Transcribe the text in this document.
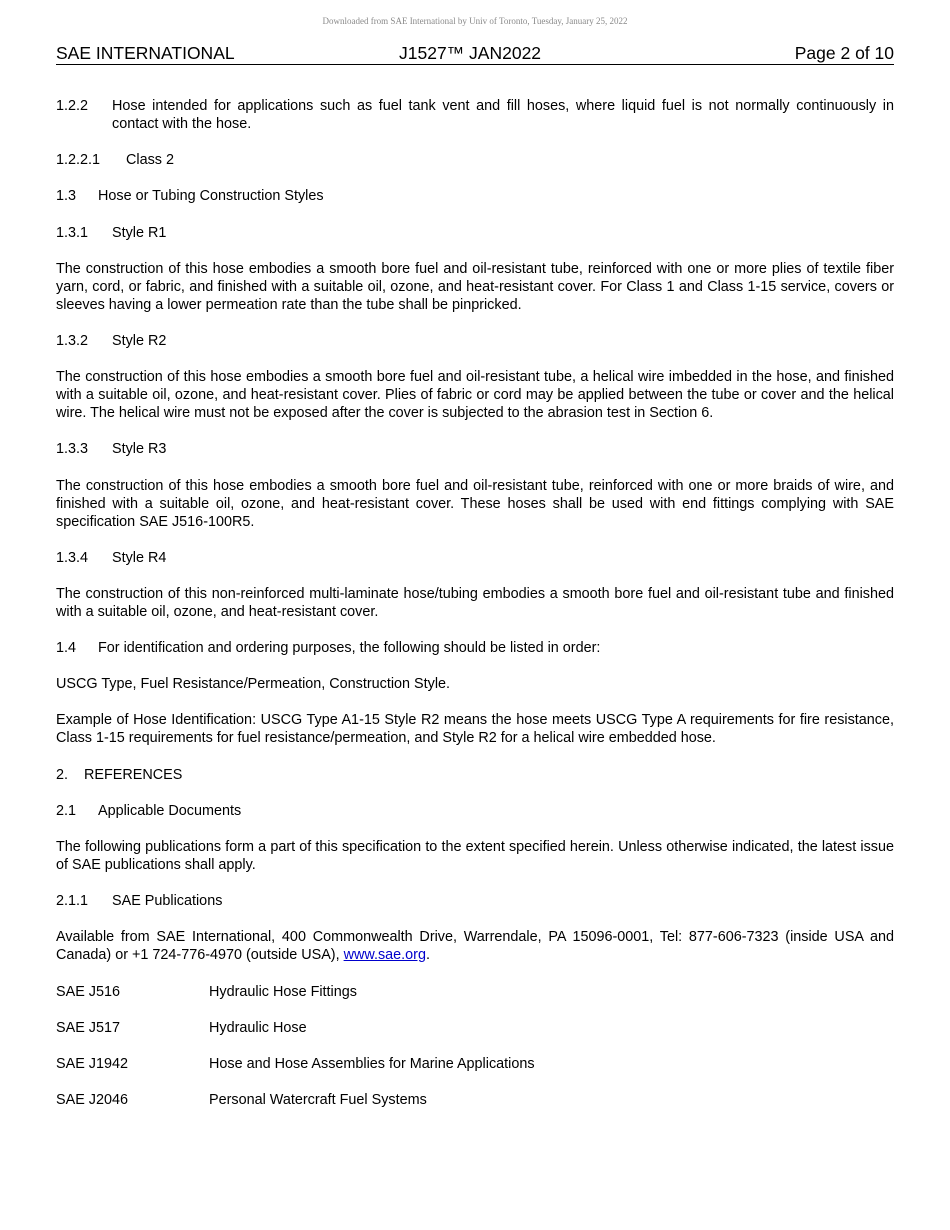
Downloaded from SAE International by Univ of Toronto, Tuesday, January 25, 2022
SAE INTERNATIONAL	J1527™ JAN2022	Page 2 of 10
1.2.2	Hose intended for applications such as fuel tank vent and fill hoses, where liquid fuel is not normally continuously in contact with the hose.
1.2.2.1 Class 2
1.3 Hose or Tubing Construction Styles
1.3.1 Style R1

The construction of this hose embodies a smooth bore fuel and oil-resistant tube, reinforced with one or more plies of textile fiber yarn, cord, or fabric, and finished with a suitable oil, ozone, and heat-resistant cover. For Class 1 and Class 1-15 service, covers or sleeves having a lower permeation rate than the tube shall be pinpricked.

1.3.2 Style R2

The construction of this hose embodies a smooth bore fuel and oil-resistant tube, a helical wire imbedded in the hose, and finished with a suitable oil, ozone, and heat-resistant cover. Plies of fabric or cord may be applied between the tube or cover and the helical wire. The helical wire must not be exposed after the cover is subjected to the abrasion test in Section 6.

1.3.3 Style R3

The construction of this hose embodies a smooth bore fuel and oil-resistant tube, reinforced with one or more braids of wire, and finished with a suitable oil, ozone, and heat-resistant cover. These hoses shall be used with end fittings complying with SAE specification SAE J516-100R5.

1.3.4 Style R4

The construction of this non-reinforced multi-laminate hose/tubing embodies a smooth bore fuel and oil-resistant tube and finished with a suitable oil, ozone, and heat-resistant cover.

1.4 For identification and ordering purposes, the following should be listed in order:

USCG Type, Fuel Resistance/Permeation, Construction Style.

Example of Hose Identification: USCG Type A1-15 Style R2 means the hose meets USCG Type A requirements for fire resistance, Class 1-15 requirements for fuel resistance/permeation, and Style R2 for a helical wire embedded hose.

2. REFERENCES
2.1 Applicable Documents

The following publications form a part of this specification to the extent specified herein. Unless otherwise indicated, the latest issue of SAE publications shall apply.

2.1.1 SAE Publications

Available from SAE International, 400 Commonwealth Drive, Warrendale, PA 15096-0001, Tel: 877-606-7323 (inside USA and Canada) or +1 724-776-4970 (outside USA), www.sae.org.

SAE J516	Hydraulic Hose Fittings
SAE J517	Hydraulic Hose
SAE J1942	Hose and Hose Assemblies for Marine Applications
SAE J2046	Personal Watercraft Fuel Systems
